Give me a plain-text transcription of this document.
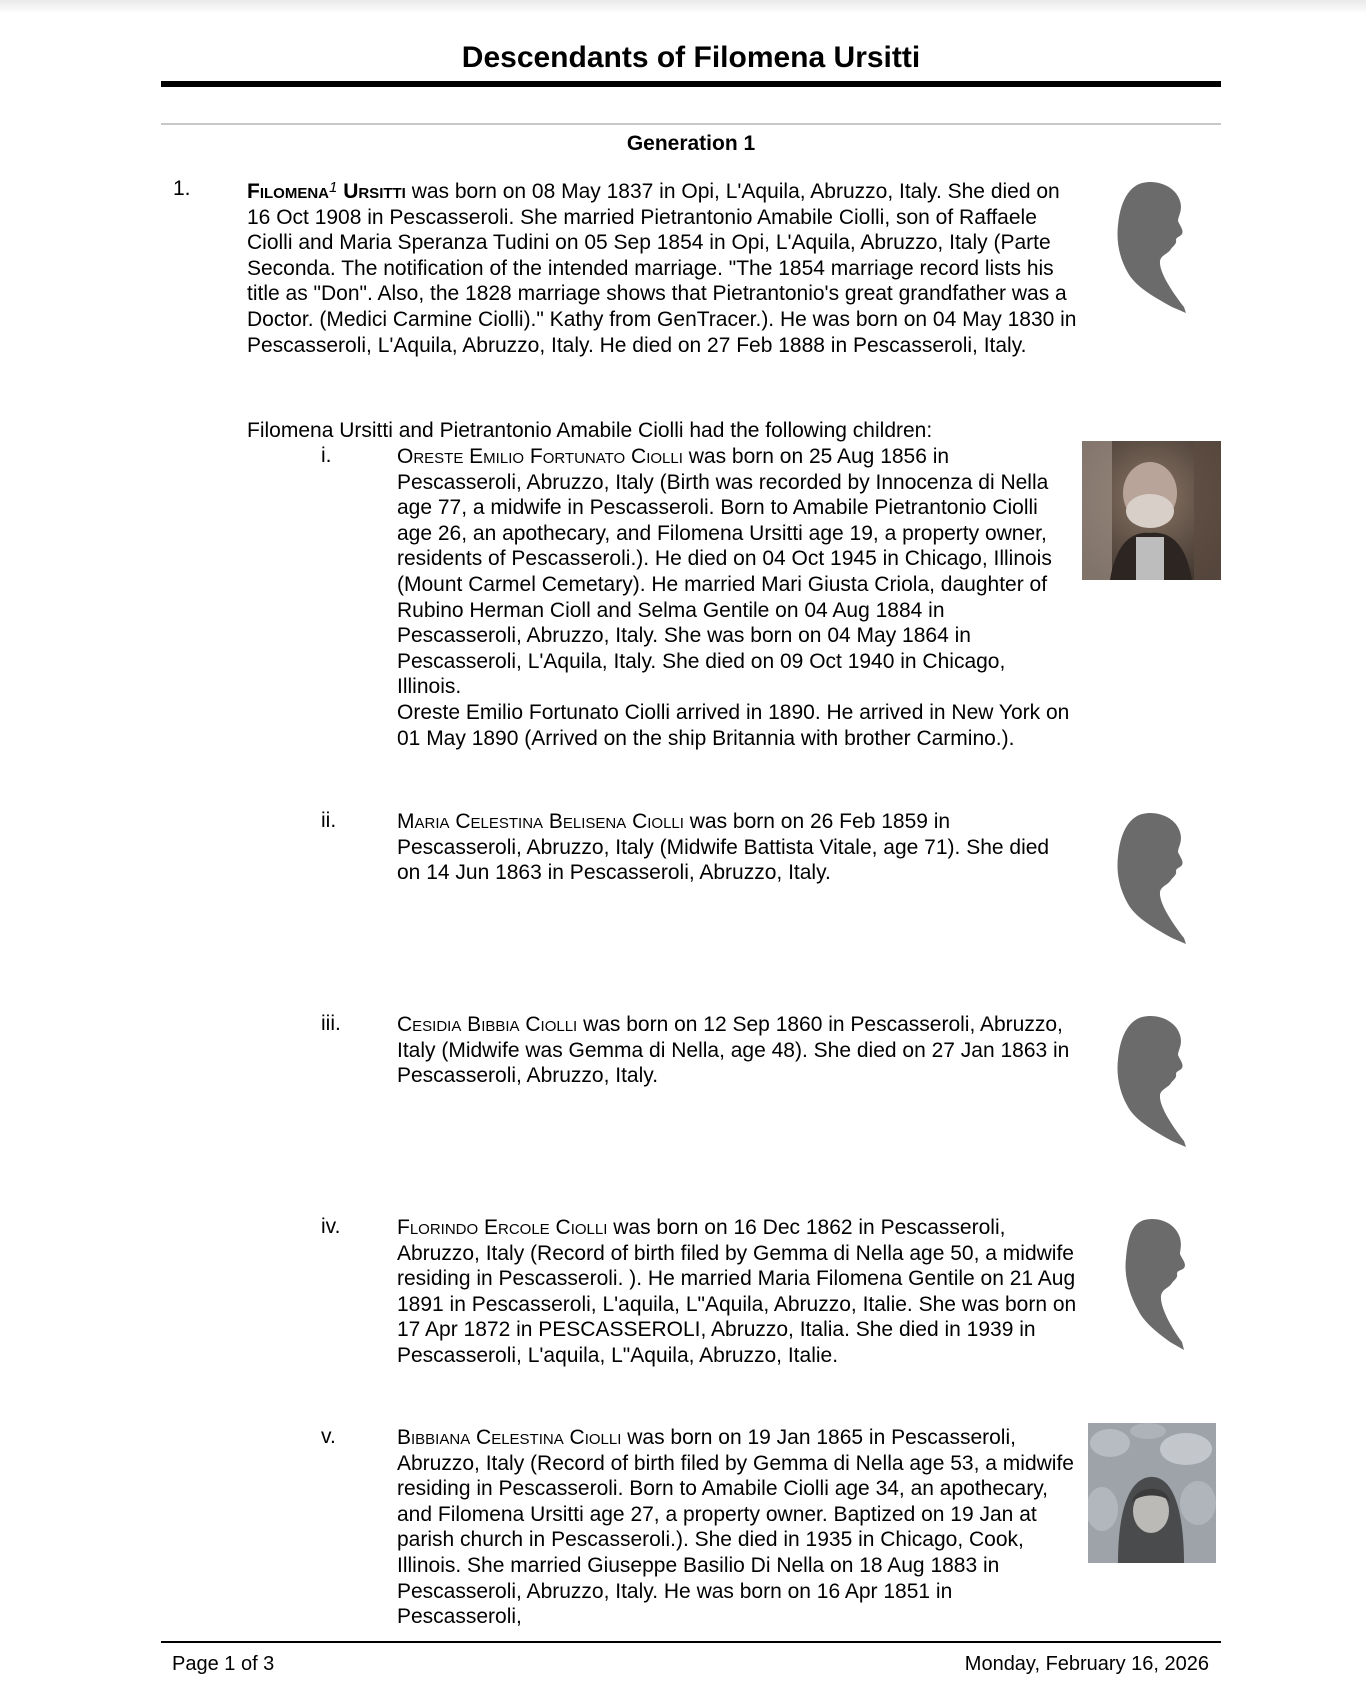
Descendants of Filomena Ursitti
Generation 1
1.	Filomena$^1$ Ursitti was born on 08 May 1837 in Opi, L'Aquila, Abruzzo, Italy. She died on 16 Oct 1908 in Pescasseroli. She married Pietrantonio Amabile Ciolli, son of Raffaele Ciolli and Maria Speranza Tudini on 05 Sep 1854 in Opi, L'Aquila, Abruzzo, Italy (Parte Seconda. The notification of the intended marriage. "The 1854 marriage record lists his title as "Don". Also, the 1828 marriage shows that Pietrantonio's great grandfather was a Doctor. (Medici Carmine Ciolli)." Kathy from GenTracer.). He was born on 04 May 1830 in Pescasseroli, L'Aquila, Abruzzo, Italy. He died on 27 Feb 1888 in Pescasseroli, Italy.
Filomena Ursitti and Pietrantonio Amabile Ciolli had the following children:
i.	Oreste Emilio Fortunato Ciolli was born on 25 Aug 1856 in Pescasseroli, Abruzzo, Italy (Birth was recorded by Innocenza di Nella age 77, a midwife in Pescasseroli. Born to Amabile Pietrantonio Ciolli age 26, an apothecary, and Filomena Ursitti age 19, a property owner, residents of Pescasseroli.). He died on 04 Oct 1945 in Chicago, Illinois (Mount Carmel Cemetary). He married Mari Giusta Criola, daughter of Rubino Herman Cioll and Selma Gentile on 04 Aug 1884 in Pescasseroli, Abruzzo, Italy. She was born on 04 May 1864 in Pescasseroli, L'Aquila, Italy. She died on 09 Oct 1940 in Chicago, Illinois.
Oreste Emilio Fortunato Ciolli arrived in 1890. He arrived in New York on 01 May 1890 (Arrived on the ship Britannia with brother Carmino.).
ii.	Maria Celestina Belisena Ciolli was born on 26 Feb 1859 in Pescasseroli, Abruzzo, Italy (Midwife Battista Vitale, age 71). She died on 14 Jun 1863 in Pescasseroli, Abruzzo, Italy.
iii.	Cesidia Bibbia Ciolli was born on 12 Sep 1860 in Pescasseroli, Abruzzo, Italy (Midwife was Gemma di Nella, age 48). She died on 27 Jan 1863 in Pescasseroli, Abruzzo, Italy.
iv.	Florindo Ercole Ciolli was born on 16 Dec 1862 in Pescasseroli, Abruzzo, Italy (Record of birth filed by Gemma di Nella age 50, a midwife residing in Pescasseroli. ). He married Maria Filomena Gentile on 21 Aug 1891 in Pescasseroli, L'aquila, L"Aquila, Abruzzo, Italie. She was born on 17 Apr 1872 in PESCASSEROLI, Abruzzo, Italia. She died in 1939 in Pescasseroli, L'aquila, L"Aquila, Abruzzo, Italie.
v.	Bibbiana Celestina Ciolli was born on 19 Jan 1865 in Pescasseroli, Abruzzo, Italy (Record of birth filed by Gemma di Nella age 53, a midwife residing in Pescasseroli. Born to Amabile Ciolli age 34, an apothecary, and Filomena Ursitti age 27, a property owner. Baptized on 19 Jan at parish church in Pescasseroli.). She died in 1935 in Chicago, Cook, Illinois. She married Giuseppe Basilio Di Nella on 18 Aug 1883 in Pescasseroli, Abruzzo, Italy. He was born on 16 Apr 1851 in Pescasseroli,
Page 1 of 3	Monday, February 16, 2026
